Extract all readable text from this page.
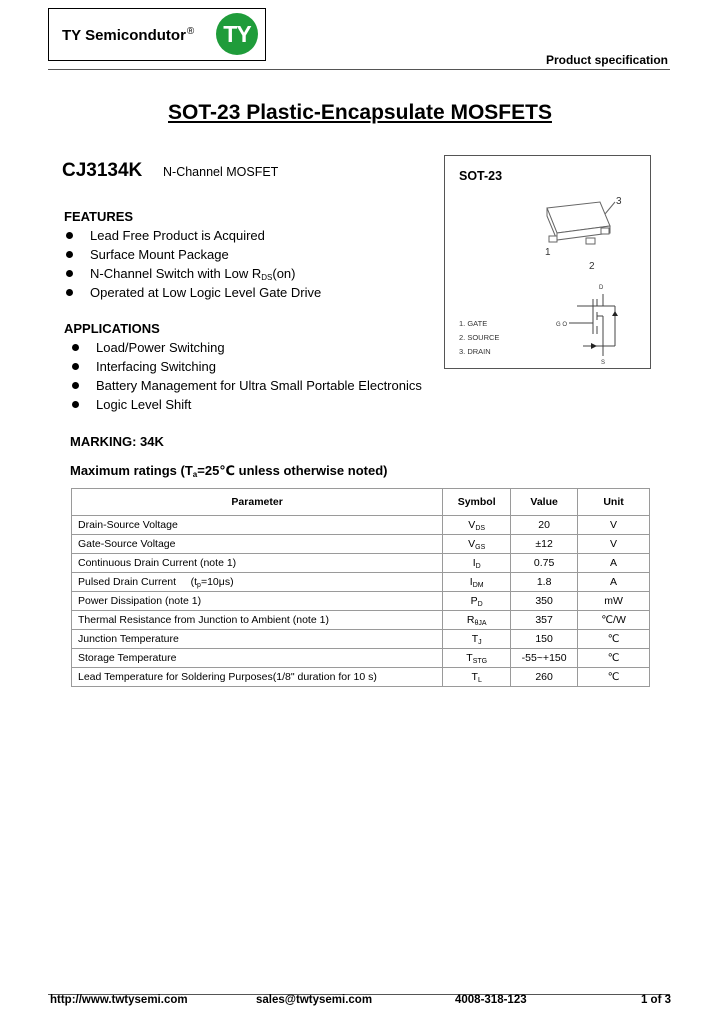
TY Semicondutor®	TY
Product specification
SOT-23 Plastic-Encapsulate MOSFETS
CJ3134K N-Channel MOSFET
FEATURES
Lead Free Product is Acquired
Surface Mount Package
N-Channel Switch with Low $R_{DS}(on)$
Operated at Low Logic Level Gate Drive
APPLICATIONS
Load/Power Switching
Interfacing Switching
Battery Management for Ultra Small Portable Electronics
Logic Level Shift
SOT-23
1
2
3
D
G O
S
1. GATE
2. SOURCE
3. DRAIN
MARKING: 34K
Maximum ratings ($T_a=25℃$ unless otherwise noted)
Parameter	Symbol	Value	Unit
Drain-Source Voltage	VDS	20	V
Gate-Source Voltage	VGS	±12	V
Continuous Drain Current (note 1)	ID	0.75	A
Pulsed Drain Current     (tp=10μs)	IDM	1.8	A
Power Dissipation (note 1)	PD	350	mW
Thermal Resistance from Junction to Ambient (note 1)	RθJA	357	℃/W
Junction Temperature	TJ	150	℃
Storage Temperature	TSTG	-55~+150	℃
Lead Temperature for Soldering Purposes(1/8" duration for 10 s)	TL	260	℃
http://www.twtysemi.com	sales@twtysemi.com	4008-318-123	1 of 3
